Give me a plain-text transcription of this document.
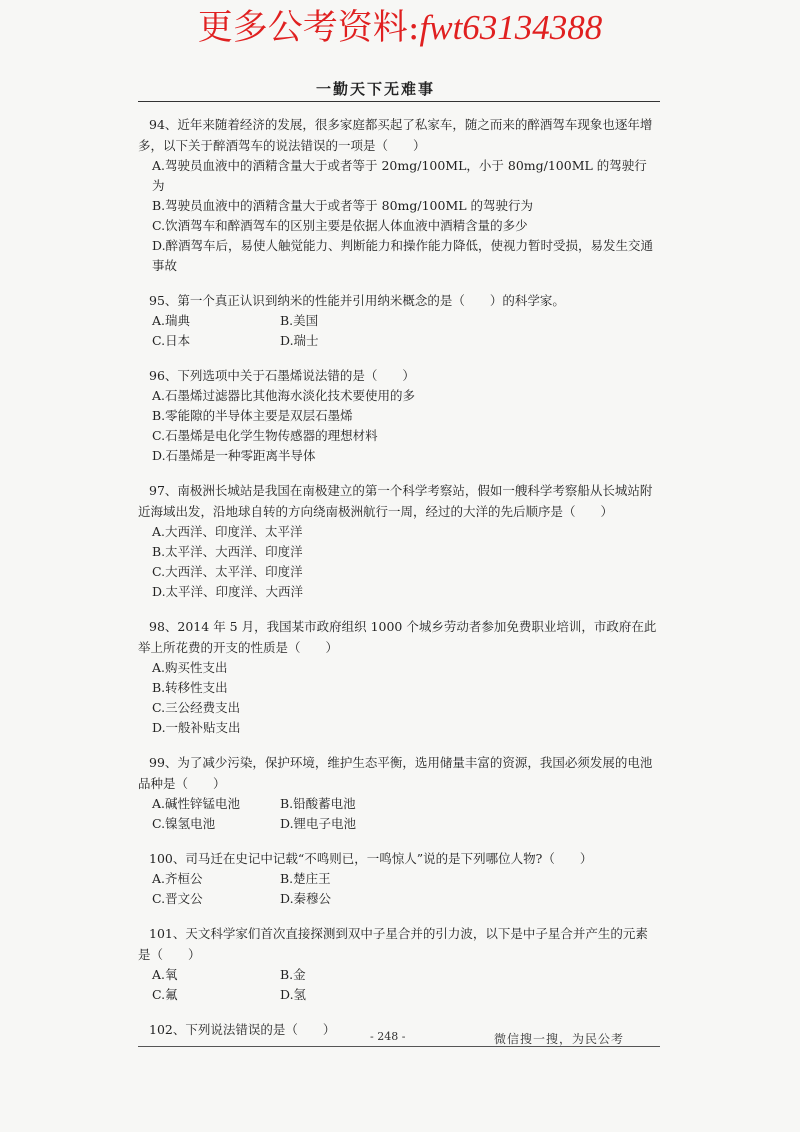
更多公考资料:fwt63134388
一勤天下无难事
94、近年来随着经济的发展，很多家庭都买起了私家车，随之而来的醉酒驾车现象也逐年增多，以下关于醉酒驾车的说法错误的一项是（　　）
A.驾驶员血液中的酒精含量大于或者等于 20mg/100ML，小于 80mg/100ML 的驾驶行为
B.驾驶员血液中的酒精含量大于或者等于 80mg/100ML 的驾驶行为
C.饮酒驾车和醉酒驾车的区别主要是依据人体血液中酒精含量的多少
D.醉酒驾车后，易使人触觉能力、判断能力和操作能力降低，使视力暂时受损，易发生交通事故
95、第一个真正认识到纳米的性能并引用纳米概念的是（　　）的科学家。
A.瑞典	B.美国
C.日本	D.瑞士
96、下列选项中关于石墨烯说法错的是（　　）
A.石墨烯过滤器比其他海水淡化技术要使用的多
B.零能隙的半导体主要是双层石墨烯
C.石墨烯是电化学生物传感器的理想材料
D.石墨烯是一种零距离半导体
97、南极洲长城站是我国在南极建立的第一个科学考察站，假如一艘科学考察船从长城站附近海域出发，沿地球自转的方向绕南极洲航行一周，经过的大洋的先后顺序是（　　）
A.大西洋、印度洋、太平洋
B.太平洋、大西洋、印度洋
C.大西洋、太平洋、印度洋
D.太平洋、印度洋、大西洋
98、2014 年 5 月，我国某市政府组织 1000 个城乡劳动者参加免费职业培训，市政府在此举上所花费的开支的性质是（　　）
A.购买性支出
B.转移性支出
C.三公经费支出
D.一般补贴支出
99、为了减少污染，保护环境，维护生态平衡，选用储量丰富的资源，我国必须发展的电池品种是（　　）
A.碱性锌锰电池	B.铅酸蓄电池
C.镍氢电池	D.锂电子电池
100、司马迁在史记中记载“不鸣则已，一鸣惊人”说的是下列哪位人物?（　　）
A.齐桓公	B.楚庄王
C.晋文公	D.秦穆公
101、天文科学家们首次直接探测到双中子星合并的引力波，以下是中子星合并产生的元素是（　　）
A.氧	B.金
C.氟	D.氢
102、下列说法错误的是（　　）	- 248 -	微信搜一搜，为民公考
